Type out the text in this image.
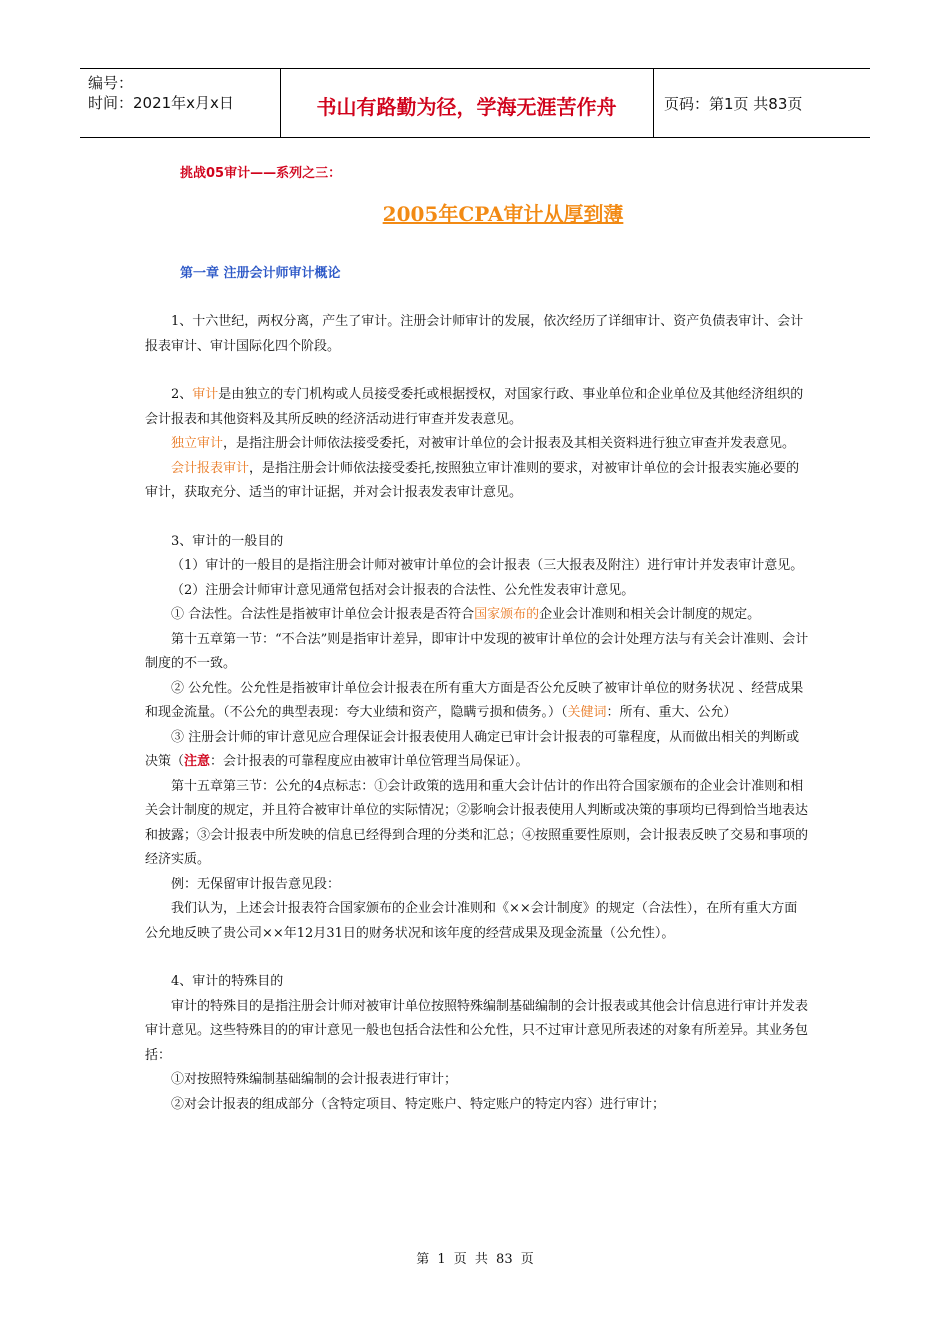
编号：
时间：2021年x月x日	书山有路勤为径，学海无涯苦作舟	页码：第1页 共83页
挑战05审计——系列之三：
2005年CPA审计从厚到薄
第一章 注册会计师审计概论

1、十六世纪，两权分离，产生了审计。注册会计师审计的发展，依次经历了详细审计、资产负债表审计、会计报表审计、审计国际化四个阶段。

2、审计是由独立的专门机构或人员接受委托或根据授权，对国家行政、事业单位和企业单位及其他经济组织的会计报表和其他资料及其所反映的经济活动进行审查并发表意见。

独立审计，是指注册会计师依法接受委托，对被审计单位的会计报表及其相关资料进行独立审查并发表意见。

会计报表审计，是指注册会计师依法接受委托,按照独立审计准则的要求，对被审计单位的会计报表实施必要的审计，获取充分、适当的审计证据，并对会计报表发表审计意见。

3、审计的一般目的

（1）审计的一般目的是指注册会计师对被审计单位的会计报表（三大报表及附注）进行审计并发表审计意见。

（2）注册会计师审计意见通常包括对会计报表的合法性、公允性发表审计意见。

① 合法性。合法性是指被审计单位会计报表是否符合国家颁布的企业会计准则和相关会计制度的规定。

第十五章第一节：“不合法”则是指审计差异，即审计中发现的被审计单位的会计处理方法与有关会计准则、会计制度的不一致。

② 公允性。公允性是指被审计单位会计报表在所有重大方面是否公允反映了被审计单位的财务状况 、经营成果和现金流量。（不公允的典型表现：夸大业绩和资产，隐瞒亏损和债务。）（关健词：所有、重大、公允）

③ 注册会计师的审计意见应合理保证会计报表使用人确定已审计会计报表的可靠程度，从而做出相关的判断或决策（注意：会计报表的可靠程度应由被审计单位管理当局保证）。

第十五章第三节：公允的4点标志：①会计政策的选用和重大会计估计的作出符合国家颁布的企业会计准则和相关会计制度的规定，并且符合被审计单位的实际情况；②影响会计报表使用人判断或决策的事项均已得到恰当地表达和披露；③会计报表中所发映的信息已经得到合理的分类和汇总；④按照重要性原则，会计报表反映了交易和事项的经济实质。

例：无保留审计报告意见段：

我们认为，上述会计报表符合国家颁布的企业会计准则和《××会计制度》的规定（合法性），在所有重大方面公允地反映了贵公司××年12月31日的财务状况和该年度的经营成果及现金流量（公允性）。

4、审计的特殊目的

审计的特殊目的是指注册会计师对被审计单位按照特殊编制基础编制的会计报表或其他会计信息进行审计并发表审计意见。这些特殊目的的审计意见一般也包括合法性和公允性，只不过审计意见所表述的对象有所差异。其业务包括：

①对按照特殊编制基础编制的会计报表进行审计；

②对会计报表的组成部分（含特定项目、特定账户、特定账户的特定内容）进行审计；

第 1 页 共 83 页
